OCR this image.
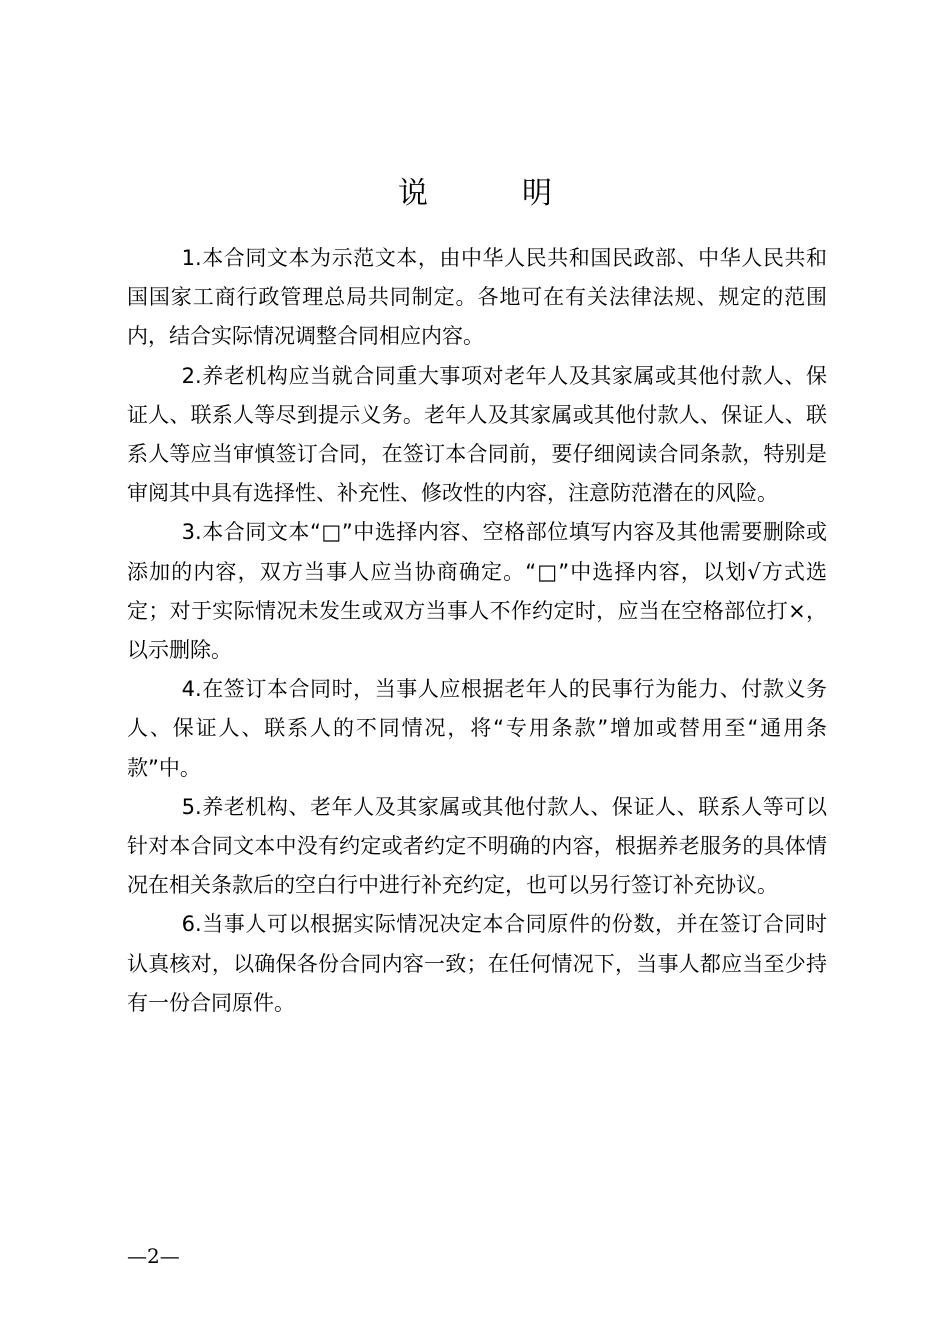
说　明

1.本合同文本为示范文本，由中华人民共和国民政部、中华人民共和国国家工商行政管理总局共同制定。各地可在有关法律法规、规定的范围内，结合实际情况调整合同相应内容。

2.养老机构应当就合同重大事项对老年人及其家属或其他付款人、保证人、联系人等尽到提示义务。老年人及其家属或其他付款人、保证人、联系人等应当审慎签订合同，在签订本合同前，要仔细阅读合同条款，特别是审阅其中具有选择性、补充性、修改性的内容，注意防范潜在的风险。

3.本合同文本“□”中选择内容、空格部位填写内容及其他需要删除或添加的内容，双方当事人应当协商确定。“□”中选择内容，以划√方式选定；对于实际情况未发生或双方当事人不作约定时，应当在空格部位打×，以示删除。

4.在签订本合同时，当事人应根据老年人的民事行为能力、付款义务人、保证人、联系人的不同情况，将“专用条款”增加或替用至“通用条款”中。

5.养老机构、老年人及其家属或其他付款人、保证人、联系人等可以针对本合同文本中没有约定或者约定不明确的内容，根据养老服务的具体情况在相关条款后的空白行中进行补充约定，也可以另行签订补充协议。

6.当事人可以根据实际情况决定本合同原件的份数，并在签订合同时认真核对，以确保各份合同内容一致；在任何情况下，当事人都应当至少持有一份合同原件。

—2—
